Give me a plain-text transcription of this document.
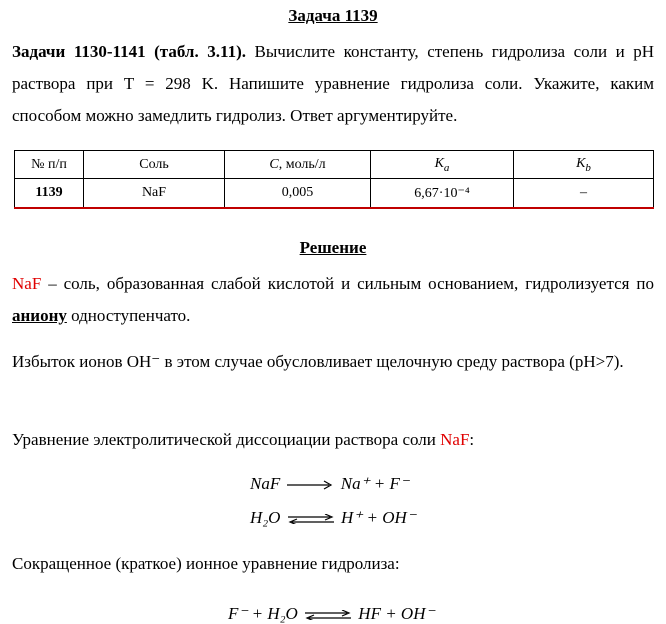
Задача 1139
Задачи 1130-1141 (табл. 3.11). Вычислите константу, степень гидролиза соли и pH раствора при T = 298 K. Напишите уравнение гидролиза соли. Укажите, каким способом можно замедлить гидролиз. Ответ аргументируйте.
№ п/п	Соль	C, моль/л	$K_a$	$K_b$
1139	NaF	0,005	6,67·10⁻⁴	–
Решение
NaF – соль, образованная слабой кислотой и сильным основанием, гидролизуется по аниону одноступенчато.
Избыток ионов OH⁻ в этом случае обусловливает щелочную среду раствора (pH>7).
Уравнение электролитической диссоциации раствора соли NaF:
NaF	Na⁺ + F⁻
H₂O ⇌ H⁺ + OH⁻
Сокращенное (краткое) ионное уравнение гидролиза:
F⁻ + H₂O ⇌ HF + OH⁻
